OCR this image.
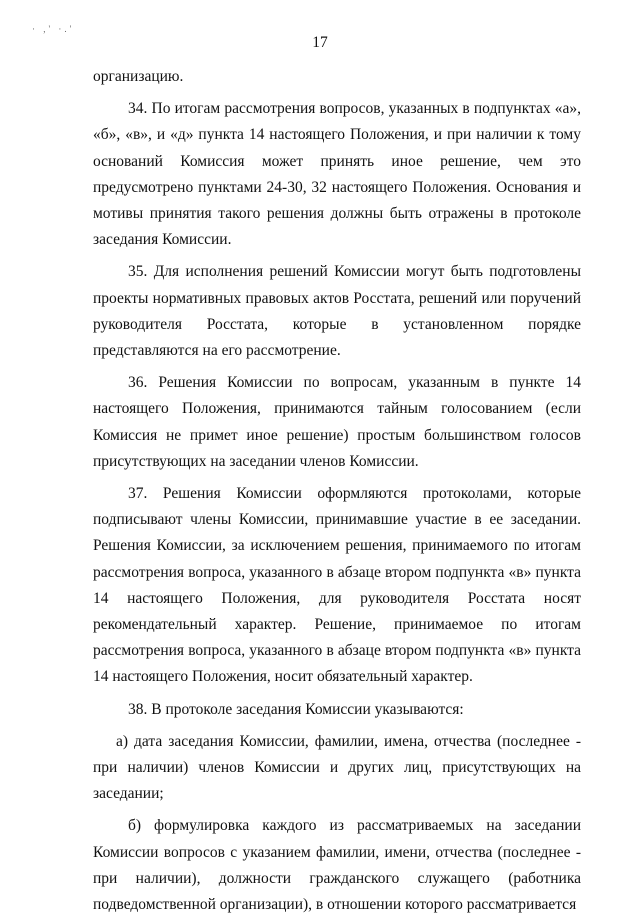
· ,' ·.'
17

организацию.

34. По итогам рассмотрения вопросов, указанных в подпунктах «а», «б», «в», и «д» пункта 14 настоящего Положения, и при наличии к тому оснований Комиссия может принять иное решение, чем это предусмотрено пунктами 24-30, 32 настоящего Положения. Основания и мотивы принятия такого решения должны быть отражены в протоколе заседания Комиссии.

35. Для исполнения решений Комиссии могут быть подготовлены проекты нормативных правовых актов Росстата, решений или поручений руководителя Росстата, которые в установленном порядке представляются на его рассмотрение.

36. Решения Комиссии по вопросам, указанным в пункте 14 настоящего Положения, принимаются тайным голосованием (если Комиссия не примет иное решение) простым большинством голосов присутствующих на заседании членов Комиссии.

37. Решения Комиссии оформляются протоколами, которые подписывают члены Комиссии, принимавшие участие в ее заседании. Решения Комиссии, за исключением решения, принимаемого по итогам рассмотрения вопроса, указанного в абзаце втором подпункта «в» пункта 14 настоящего Положения, для руководителя Росстата носят рекомендательный характер. Решение, принимаемое по итогам рассмотрения вопроса, указанного в абзаце втором подпункта «в» пункта 14 настоящего Положения, носит обязательный характер.

38. В протоколе заседания Комиссии указываются:

а) дата заседания Комиссии, фамилии, имена, отчества (последнее - при наличии) членов Комиссии и других лиц, присутствующих на заседании;

б) формулировка каждого из рассматриваемых на заседании Комиссии вопросов с указанием фамилии, имени, отчества (последнее - при наличии), должности гражданского служащего (работника подведомственной организации), в отношении которого рассматривается
